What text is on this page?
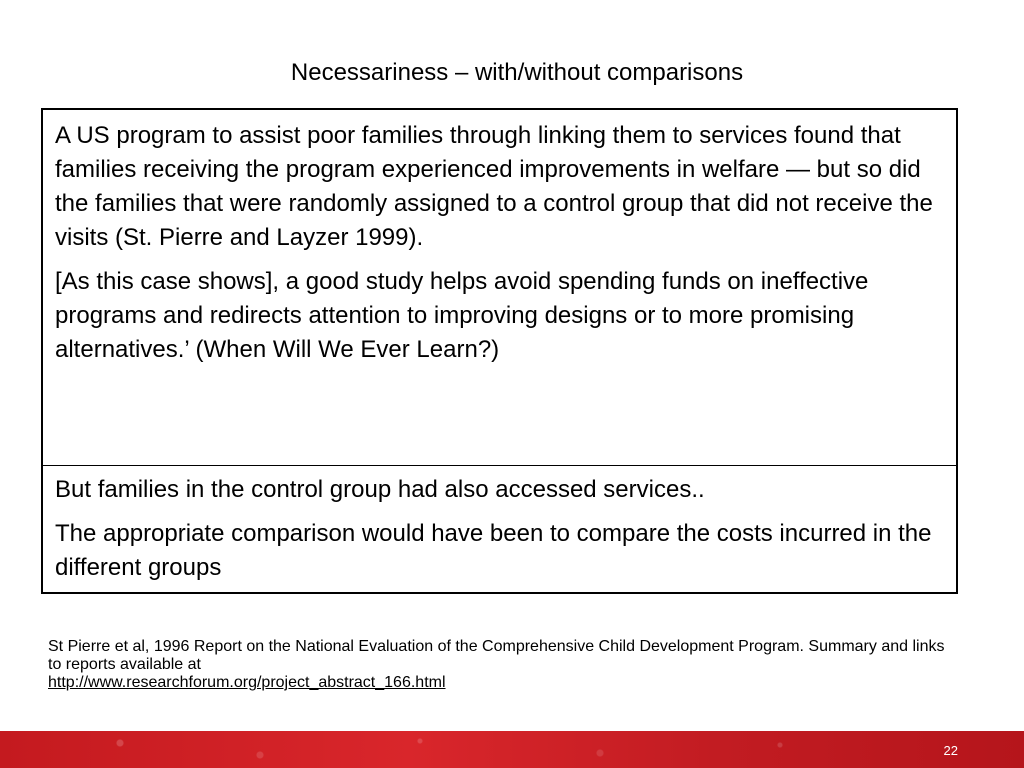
Necessariness – with/without comparisons

A US program to assist poor families through linking them to services found that families receiving the program experienced improvements in welfare — but so did the families that were randomly assigned to a control group that did not receive the visits (St. Pierre and Layzer 1999).

[As this case shows], a good study helps avoid spending funds on ineffective programs and redirects attention to improving designs or to more promising alternatives.’ (When Will We Ever Learn?)

But families in the control group had also accessed services..

The appropriate comparison would have been to compare the costs incurred in the different groups

St Pierre et al, 1996 Report on the National Evaluation of the Comprehensive Child Development Program. Summary and links to reports available at
http://www.researchforum.org/project_abstract_166.html
22
